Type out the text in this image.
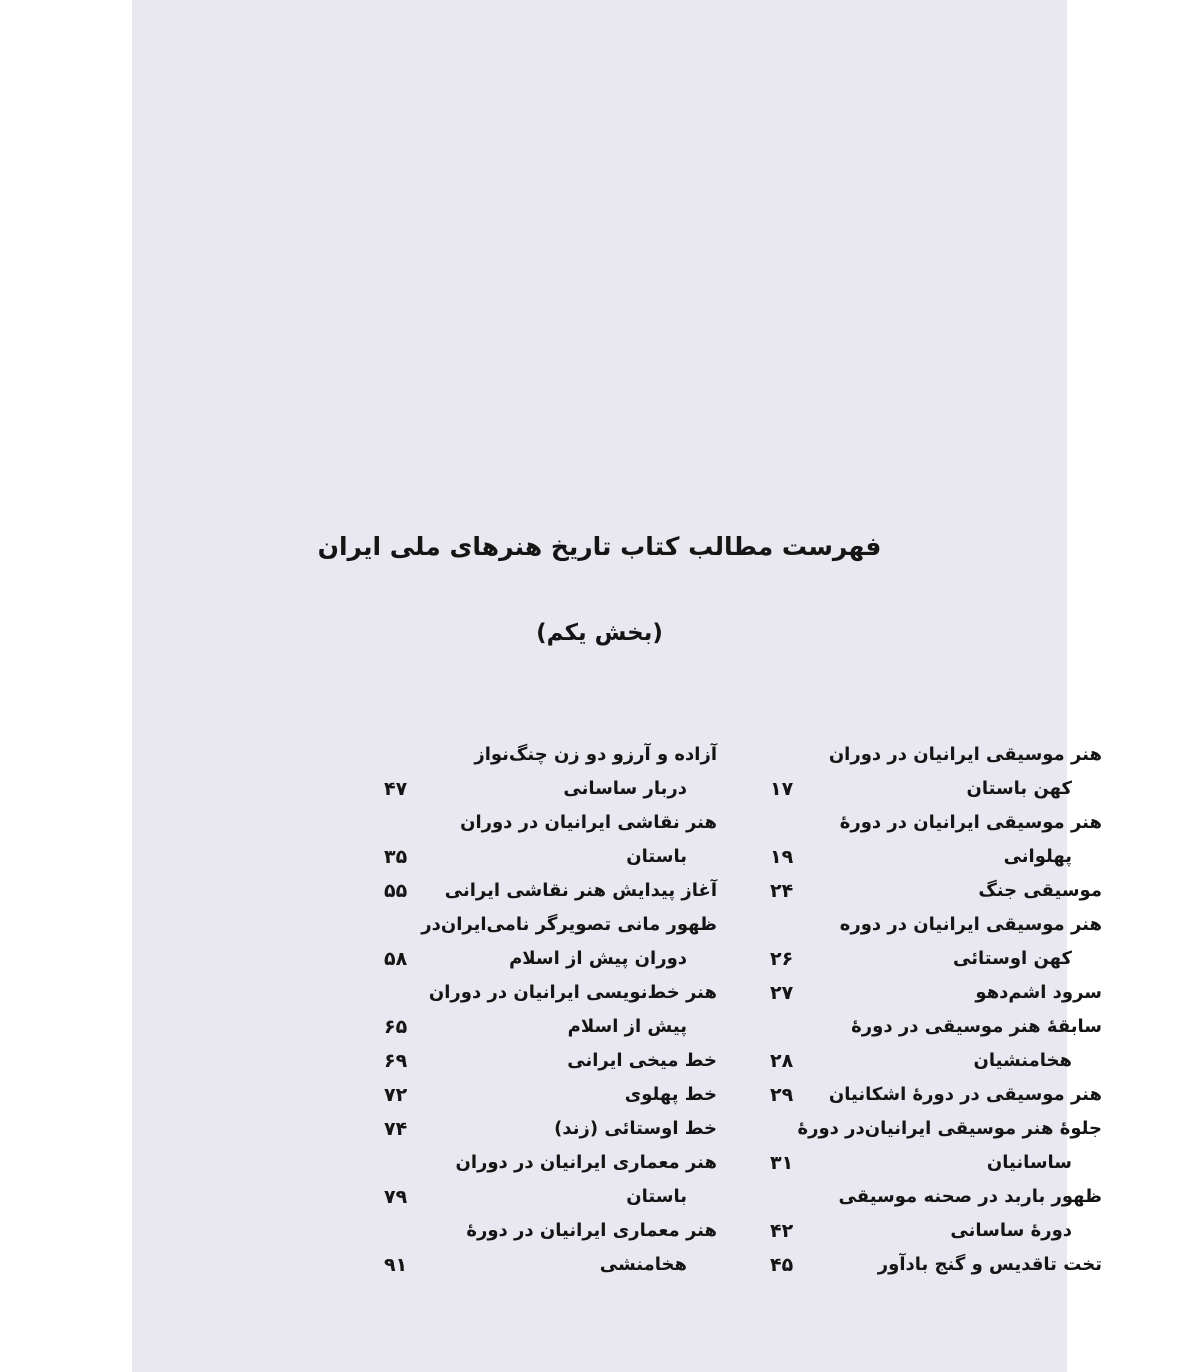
فهرست مطالب کتاب تاریخ هنرهای ملی ایران
(بخش یکم)
هنر موسیقی ایرانیان در دوران
کهن باستان
۱۷
هنر موسیقی ایرانیان در دورۀ
پهلوانی
۱۹
موسیقی جنگ
۲۴
هنر موسیقی ایرانیان در دوره
کهن اوستائی
۲۶
سرود اشم‌دهو
۲۷
سابقۀ هنر موسیقی در دورۀ
هخامنشیان
۲۸
هنر موسیقی در دورۀ اشکانیان
۲۹
جلوۀ هنر موسیقی ایرانیان‌در دورۀ
ساسانیان
۳۱
ظهور باربد در صحنه موسیقی
دورۀ ساسانی
۴۲
تخت تاقدیس و گنج بادآور
۴۵
آزاده و آرزو دو زن چنگ‌نواز
دربار ساسانی
۴۷
هنر نقاشی ایرانیان در دوران
باستان
۳۵
آغاز پیدایش هنر نقاشی ایرانی
۵۵
ظهور مانی تصویرگر نامی‌ایران‌در
دوران پیش از اسلام
۵۸
هنر خط‌نویسی ایرانیان در دوران
پیش از اسلام
۶۵
خط میخی ایرانی
۶۹
خط پهلوی
۷۲
خط اوستائی (زند)
۷۴
هنر معماری ایرانیان در دوران
باستان
۷۹
هنر معماری ایرانیان در دورۀ
هخامنشی
۹۱
